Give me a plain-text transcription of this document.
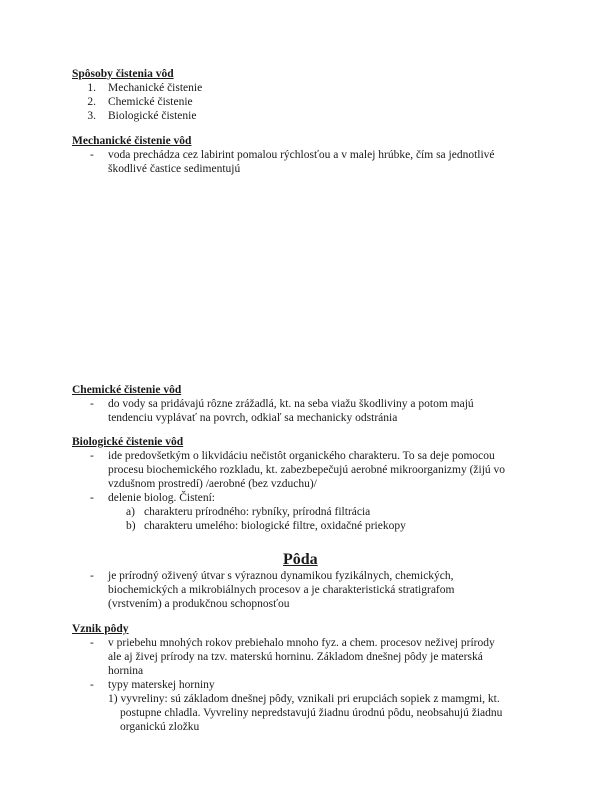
Spôsoby čistenia vôd
1. Mechanické čistenie
2. Chemické čistenie
3. Biologické čistenie
Mechanické čistenie vôd
- voda prechádza cez labirint pomalou rýchlosťou a v malej hrúbke, čím sa jednotlivé
škodlivé častice sedimentujú
Chemické čistenie vôd
- do vody sa pridávajú rôzne zrážadlá, kt. na seba viažu škodliviny a potom majú
tendenciu vyplávať na povrch, odkiaľ sa mechanicky odstránia
Biologické čistenie vôd
- ide predovšetkým o likvidáciu nečistôt organického charakteru. To sa deje pomocou
procesu biochemického rozkladu, kt. zabezbepečujú aerobné mikroorganizmy (žijú vo
vzdušnom prostredí) /aerobné (bez vzduchu)/
- delenie biolog. Čistení:
a) charakteru prírodného: rybníky, prírodná filtrácia
b) charakteru umelého: biologické filtre, oxidačné priekopy
Pôda
- je prírodný oživený útvar s výraznou dynamikou fyzikálnych, chemických,
biochemických a mikrobiálnych procesov a je charakteristická stratigrafom
(vrstvením) a produkčnou schopnosťou
Vznik pôdy
- v priebehu mnohých rokov prebiehalo mnoho fyz. a chem. procesov neživej prírody
ale aj živej prírody na tzv. materskú horninu. Základom dnešnej pôdy je materská
hornina
- typy materskej horniny
1) vyvreliny: sú základom dnešnej pôdy, vznikali pri erupciách sopiek z mamgmi, kt.
postupne chladla. Vyvreliny nepredstavujú žiadnu úrodnú pôdu, neobsahujú žiadnu
organickú zložku
